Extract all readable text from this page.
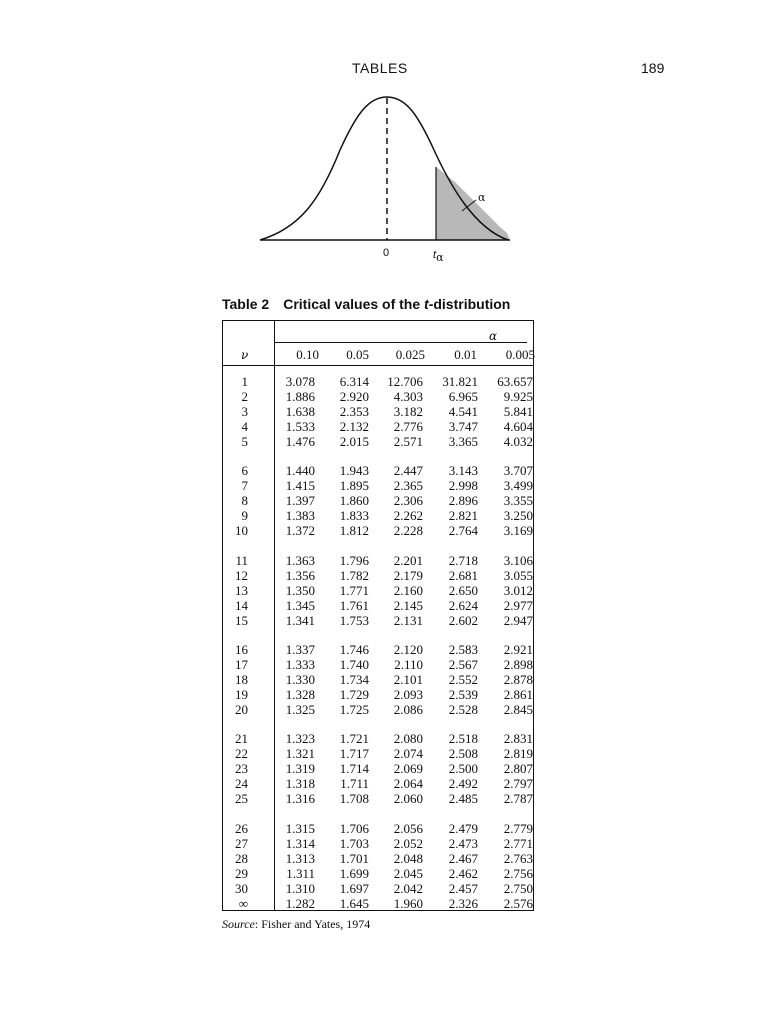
TABLES	189
0	tα
α
Table 2 Critical values of the t-distribution
α
ν	0.10	0.05	0.025	0.01	0.005
1	3.078	6.314	12.706	31.821	63.657
2	1.886	2.920	4.303	6.965	9.925
3	1.638	2.353	3.182	4.541	5.841
4	1.533	2.132	2.776	3.747	4.604
5	1.476	2.015	2.571	3.365	4.032
6	1.440	1.943	2.447	3.143	3.707
7	1.415	1.895	2.365	2.998	3.499
8	1.397	1.860	2.306	2.896	3.355
9	1.383	1.833	2.262	2.821	3.250
10	1.372	1.812	2.228	2.764	3.169
11	1.363	1.796	2.201	2.718	3.106
12	1.356	1.782	2.179	2.681	3.055
13	1.350	1.771	2.160	2.650	3.012
14	1.345	1.761	2.145	2.624	2.977
15	1.341	1.753	2.131	2.602	2.947
16	1.337	1.746	2.120	2.583	2.921
17	1.333	1.740	2.110	2.567	2.898
18	1.330	1.734	2.101	2.552	2.878
19	1.328	1.729	2.093	2.539	2.861
20	1.325	1.725	2.086	2.528	2.845
21	1.323	1.721	2.080	2.518	2.831
22	1.321	1.717	2.074	2.508	2.819
23	1.319	1.714	2.069	2.500	2.807
24	1.318	1.711	2.064	2.492	2.797
25	1.316	1.708	2.060	2.485	2.787
26	1.315	1.706	2.056	2.479	2.779
27	1.314	1.703	2.052	2.473	2.771
28	1.313	1.701	2.048	2.467	2.763
29	1.311	1.699	2.045	2.462	2.756
30	1.310	1.697	2.042	2.457	2.750
∞	1.282	1.645	1.960	2.326	2.576
Source: Fisher and Yates, 1974
